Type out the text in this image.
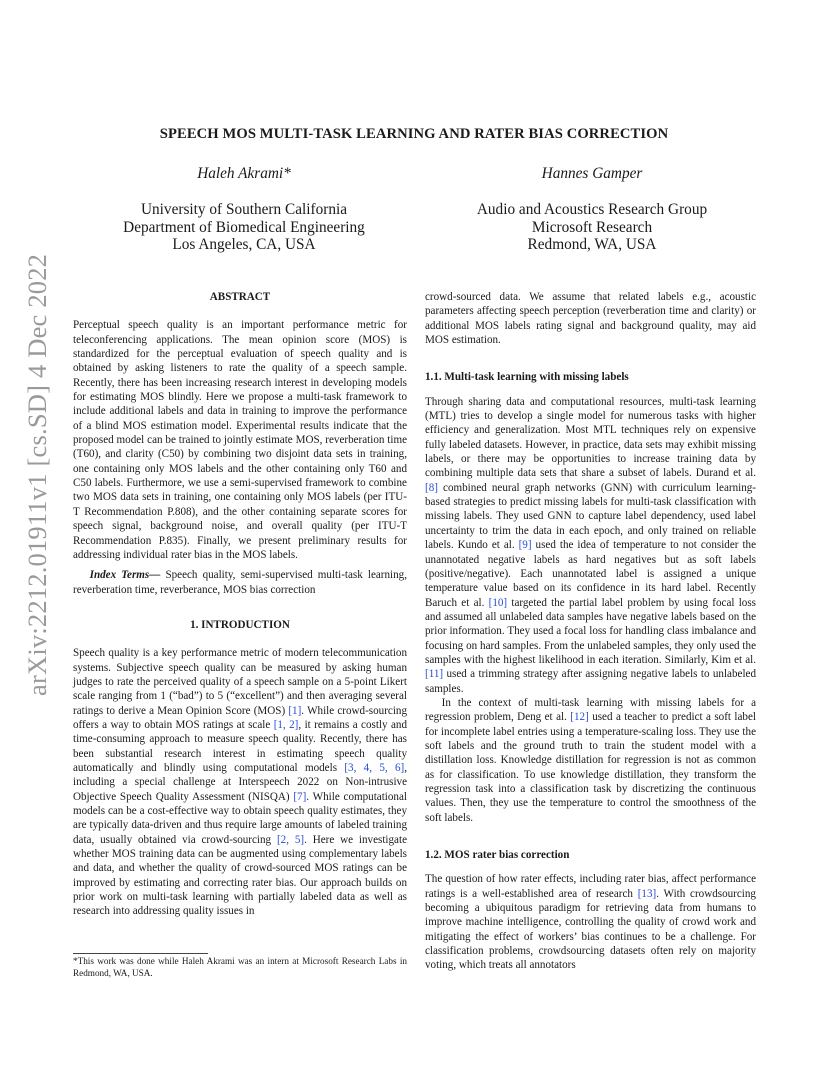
arXiv:2212.01911v1 [cs.SD] 4 Dec 2022
SPEECH MOS MULTI-TASK LEARNING AND RATER BIAS CORRECTION
Haleh Akrami*	Hannes Gamper
University of Southern California
Department of Biomedical Engineering
Los Angeles, CA, USA
Audio and Acoustics Research Group
Microsoft Research
Redmond, WA, USA
ABSTRACT

Perceptual speech quality is an important performance metric for teleconferencing applications. The mean opinion score (MOS) is standardized for the perceptual evaluation of speech quality and is obtained by asking listeners to rate the quality of a speech sample. Recently, there has been increasing research interest in developing models for estimating MOS blindly. Here we propose a multi-task framework to include additional labels and data in training to improve the performance of a blind MOS estimation model. Experimental results indicate that the proposed model can be trained to jointly estimate MOS, reverberation time (T60), and clarity (C50) by combining two disjoint data sets in training, one containing only MOS labels and the other containing only T60 and C50 labels. Furthermore, we use a semi-supervised framework to combine two MOS data sets in training, one containing only MOS labels (per ITU-T Recommendation P.808), and the other containing separate scores for speech signal, background noise, and overall quality (per ITU-T Recommendation P.835). Finally, we present preliminary results for addressing individual rater bias in the MOS labels.

Index Terms— Speech quality, semi-supervised multi-task learning, reverberation time, reverberance, MOS bias correction

1. INTRODUCTION

Speech quality is a key performance metric of modern telecommunication systems. Subjective speech quality can be measured by asking human judges to rate the perceived quality of a speech sample on a 5-point Likert scale ranging from 1 (“bad”) to 5 (“excellent”) and then averaging several ratings to derive a Mean Opinion Score (MOS) [1]. While crowd-sourcing offers a way to obtain MOS ratings at scale [1, 2], it remains a costly and time-consuming approach to measure speech quality. Recently, there has been substantial research interest in estimating speech quality automatically and blindly using computational models [3, 4, 5, 6], including a special challenge at Interspeech 2022 on Non-intrusive Objective Speech Quality Assessment (NISQA) [7]. While computational models can be a cost-effective way to obtain speech quality estimates, they are typically data-driven and thus require large amounts of labeled training data, usually obtained via crowd-sourcing [2, 5]. Here we investigate whether MOS training data can be augmented using complementary labels and data, and whether the quality of crowd-sourced MOS ratings can be improved by estimating and correcting rater bias. Our approach builds on prior work on multi-task learning with partially labeled data as well as research into addressing quality issues in

*This work was done while Haleh Akrami was an intern at Microsoft Research Labs in Redmond, WA, USA.

crowd-sourced data. We assume that related labels e.g., acoustic parameters affecting speech perception (reverberation time and clarity) or additional MOS labels rating signal and background quality, may aid MOS estimation.

1.1. Multi-task learning with missing labels

Through sharing data and computational resources, multi-task learning (MTL) tries to develop a single model for numerous tasks with higher efficiency and generalization. Most MTL techniques rely on expensive fully labeled datasets. However, in practice, data sets may exhibit missing labels, or there may be opportunities to increase training data by combining multiple data sets that share a subset of labels. Durand et al. [8] combined neural graph networks (GNN) with curriculum learning-based strategies to predict missing labels for multi-task classification with missing labels. They used GNN to capture label dependency, used label uncertainty to trim the data in each epoch, and only trained on reliable labels. Kundo et al. [9] used the idea of temperature to not consider the unannotated negative labels as hard negatives but as soft labels (positive/negative). Each unannotated label is assigned a unique temperature value based on its confidence in its hard label. Recently Baruch et al. [10] targeted the partial label problem by using focal loss and assumed all unlabeled data samples have negative labels based on the prior information. They used a focal loss for handling class imbalance and focusing on hard samples. From the unlabeled samples, they only used the samples with the highest likelihood in each iteration. Similarly, Kim et al. [11] used a trimming strategy after assigning negative labels to unlabeled samples.

In the context of multi-task learning with missing labels for a regression problem, Deng et al. [12] used a teacher to predict a soft label for incomplete label entries using a temperature-scaling loss. They use the soft labels and the ground truth to train the student model with a distillation loss. Knowledge distillation for regression is not as common as for classification. To use knowledge distillation, they transform the regression task into a classification task by discretizing the continuous values. Then, they use the temperature to control the smoothness of the soft labels.

1.2. MOS rater bias correction

The question of how rater effects, including rater bias, affect performance ratings is a well-established area of research [13]. With crowdsourcing becoming a ubiquitous paradigm for retrieving data from humans to improve machine intelligence, controlling the quality of crowd work and mitigating the effect of workers’ bias continues to be a challenge. For classification problems, crowdsourcing datasets often rely on majority voting, which treats all annotators
